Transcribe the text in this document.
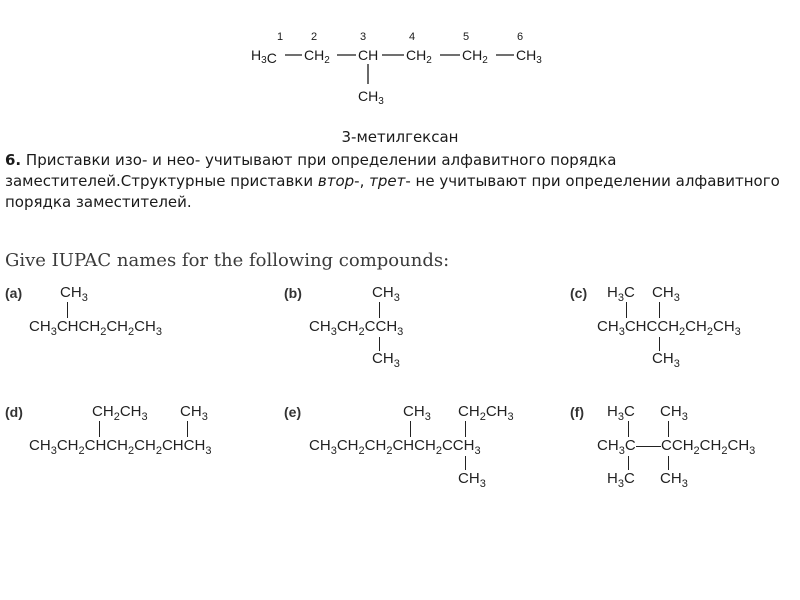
1	2	3	4	5	6
$H_3C$ $CH_2$ CH $CH_2$ $CH_2$ $CH_3$
$CH_3$
3-метилгексан
6. Приставки изо- и нео- учитывают при определении алфавитного порядка заместителей.Структурные приставки втор-, трет- не учитывают при определении алфавитного порядка заместителей.
Give IUPAC names for the following compounds:
(a)	$CH_3$
$CH_3CHCH_2CH_2CH_3$
(b)	$CH_3$
$CH_3CH_2CCH_3$
$CH_3$
(c) $H_3C$ $CH_3$
$CH_3CHCCH_2CH_2CH_3$
$CH_3$
(d)	$CH_2CH_3$ $CH_3$
$CH_3CH_2CHCH_2CH_2CHCH_3$
(e)	$CH_3$ $CH_2CH_3$
$CH_3CH_2CH_2CHCH_2CCH_3$
$CH_3$
(f) $H_3C$ $CH_3$
$CH_3C$ $CCH_2CH_2CH_3$
$H_3C$ $CH_3$
